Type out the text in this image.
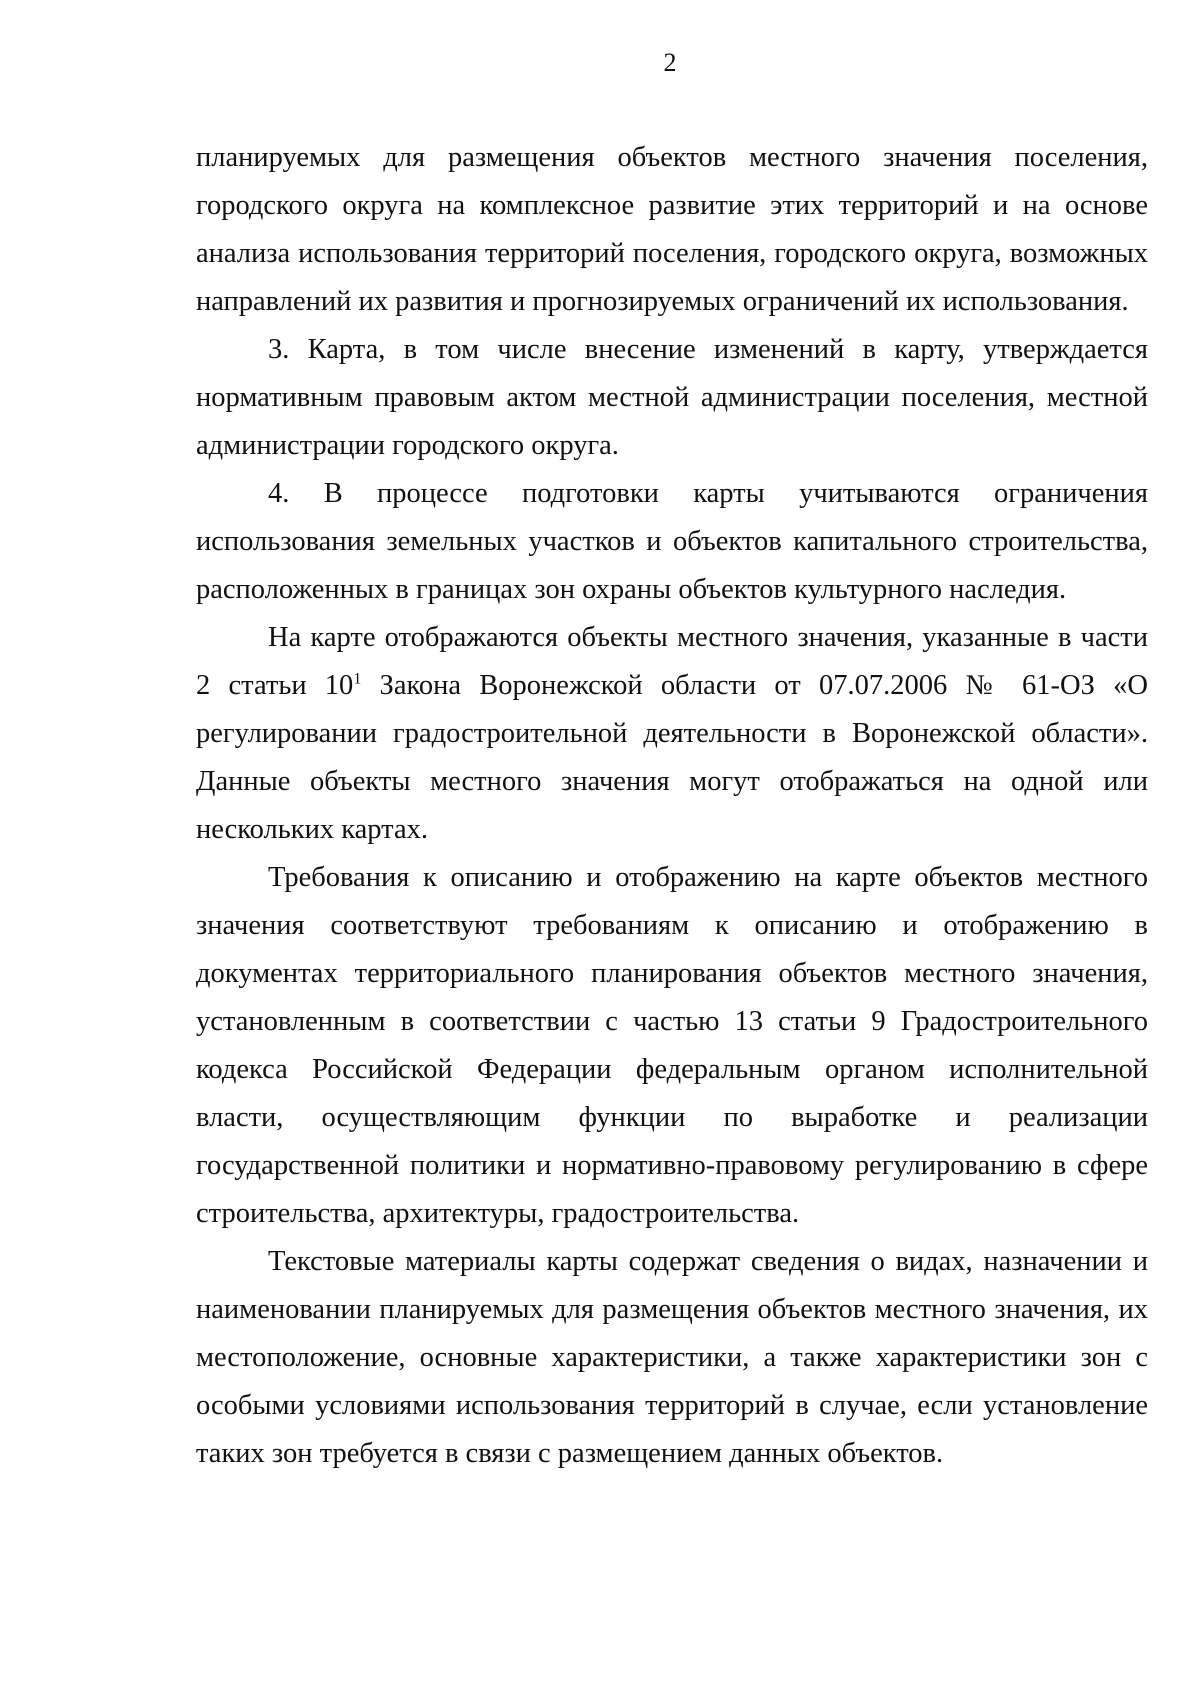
2

планируемых для размещения объектов местного значения поселения, городского округа на комплексное развитие этих территорий и на основе анализа использования территорий поселения, городского округа, возможных направлений их развития и прогнозируемых ограничений их использования.

3. Карта, в том числе внесение изменений в карту, утверждается нормативным правовым актом местной администрации поселения, местной администрации городского округа.

4. В процессе подготовки карты учитываются ограничения использования земельных участков и объектов капитального строительства, расположенных в границах зон охраны объектов культурного наследия.

На карте отображаются объекты местного значения, указанные в части 2 статьи $10^1$ Закона Воронежской области от 07.07.2006 № 61-ОЗ «О регулировании градостроительной деятельности в Воронежской области». Данные объекты местного значения могут отображаться на одной или нескольких картах.

Требования к описанию и отображению на карте объектов местного значения соответствуют требованиям к описанию и отображению в документах территориального планирования объектов местного значения, установленным в соответствии с частью 13 статьи 9 Градостроительного кодекса Российской Федерации федеральным органом исполнительной власти, осуществляющим функции по выработке и реализации государственной политики и нормативно-правовому регулированию в сфере строительства, архитектуры, градостроительства.

Текстовые материалы карты содержат сведения о видах, назначении и наименовании планируемых для размещения объектов местного значения, их местоположение, основные характеристики, а также характеристики зон с особыми условиями использования территорий в случае, если установление таких зон требуется в связи с размещением данных объектов.
